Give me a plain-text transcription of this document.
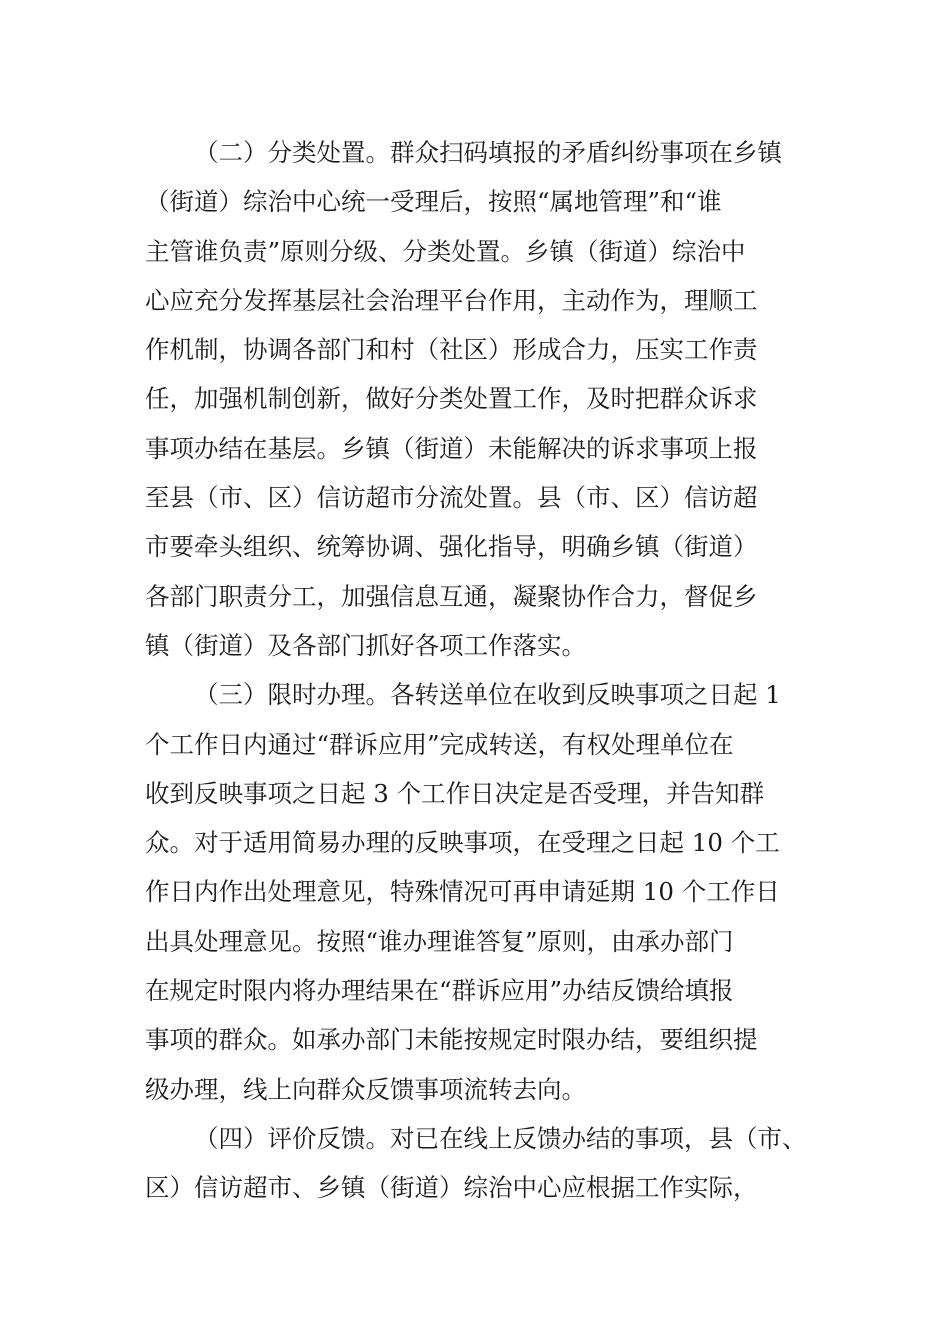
（二）分类处置。群众扫码填报的矛盾纠纷事项在乡镇
（街道）综治中心统一受理后，按照“属地管理”和“谁
主管谁负责”原则分级、分类处置。乡镇（街道）综治中
心应充分发挥基层社会治理平台作用，主动作为，理顺工
作机制，协调各部门和村（社区）形成合力，压实工作责
任，加强机制创新，做好分类处置工作，及时把群众诉求
事项办结在基层。乡镇（街道）未能解决的诉求事项上报
至县（市、区）信访超市分流处置。县（市、区）信访超
市要牵头组织、统筹协调、强化指导，明确乡镇（街道）
各部门职责分工，加强信息互通，凝聚协作合力，督促乡
镇（街道）及各部门抓好各项工作落实。
（三）限时办理。各转送单位在收到反映事项之日起 1
个工作日内通过“群诉应用”完成转送，有权处理单位在
收到反映事项之日起 3 个工作日决定是否受理，并告知群
众。对于适用简易办理的反映事项，在受理之日起 10 个工
作日内作出处理意见，特殊情况可再申请延期 10 个工作日
出具处理意见。按照“谁办理谁答复”原则，由承办部门
在规定时限内将办理结果在“群诉应用”办结反馈给填报
事项的群众。如承办部门未能按规定时限办结，要组织提
级办理，线上向群众反馈事项流转去向。
（四）评价反馈。对已在线上反馈办结的事项，县（市、
区）信访超市、乡镇（街道）综治中心应根据工作实际，
